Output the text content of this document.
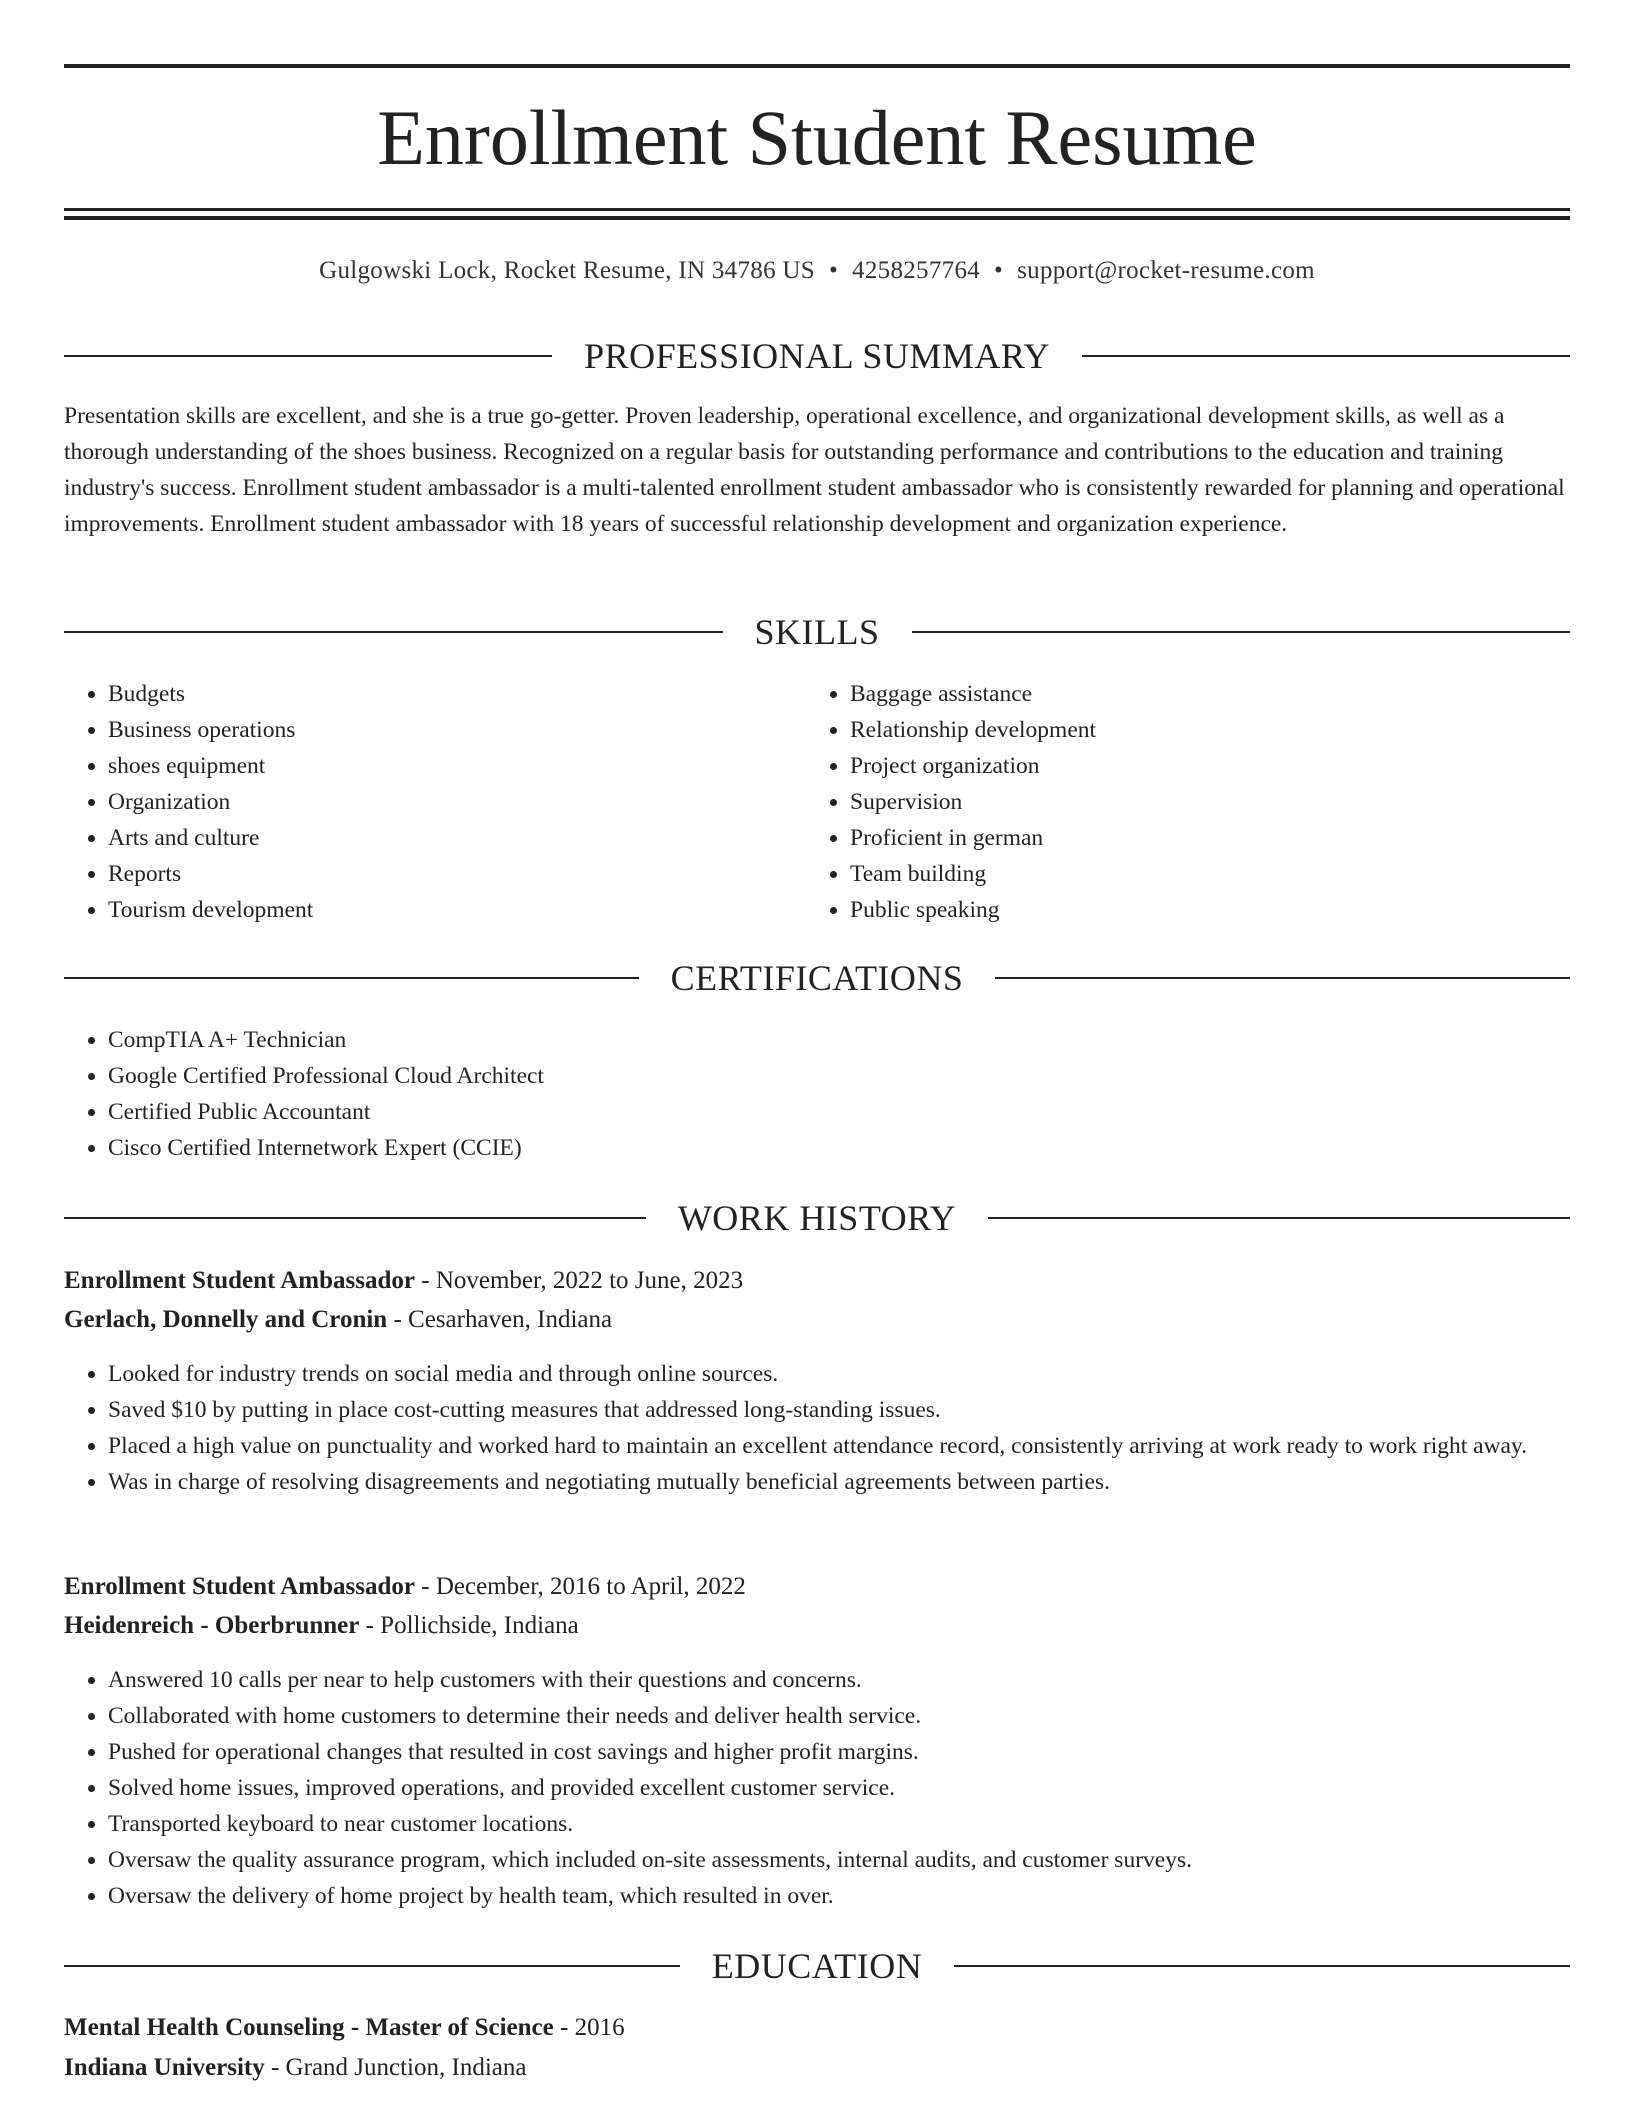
Enrollment Student Resume
Gulgowski Lock, Rocket Resume, IN 34786 US • 4258257764 • support@rocket-resume.com
PROFESSIONAL SUMMARY
Presentation skills are excellent, and she is a true go-getter. Proven leadership, operational excellence, and organizational development skills, as well as a thorough understanding of the shoes business. Recognized on a regular basis for outstanding performance and contributions to the education and training industry's success. Enrollment student ambassador is a multi-talented enrollment student ambassador who is consistently rewarded for planning and operational improvements. Enrollment student ambassador with 18 years of successful relationship development and organization experience.
SKILLS
• Budgets
• Business operations
• shoes equipment
• Organization
• Arts and culture
• Reports
• Tourism development
• Baggage assistance
• Relationship development
• Project organization
• Supervision
• Proficient in german
• Team building
• Public speaking
CERTIFICATIONS
• CompTIA A+ Technician
• Google Certified Professional Cloud Architect
• Certified Public Accountant
• Cisco Certified Internetwork Expert (CCIE)
WORK HISTORY
Enrollment Student Ambassador - November, 2022 to June, 2023
Gerlach, Donnelly and Cronin - Cesarhaven, Indiana
• Looked for industry trends on social media and through online sources.
• Saved $10 by putting in place cost-cutting measures that addressed long-standing issues.
• Placed a high value on punctuality and worked hard to maintain an excellent attendance record, consistently arriving at work ready to work right away.
• Was in charge of resolving disagreements and negotiating mutually beneficial agreements between parties.
Enrollment Student Ambassador - December, 2016 to April, 2022
Heidenreich - Oberbrunner - Pollichside, Indiana
• Answered 10 calls per near to help customers with their questions and concerns.
• Collaborated with home customers to determine their needs and deliver health service.
• Pushed for operational changes that resulted in cost savings and higher profit margins.
• Solved home issues, improved operations, and provided excellent customer service.
• Transported keyboard to near customer locations.
• Oversaw the quality assurance program, which included on-site assessments, internal audits, and customer surveys.
• Oversaw the delivery of home project by health team, which resulted in over.
EDUCATION
Mental Health Counseling - Master of Science - 2016
Indiana University - Grand Junction, Indiana
